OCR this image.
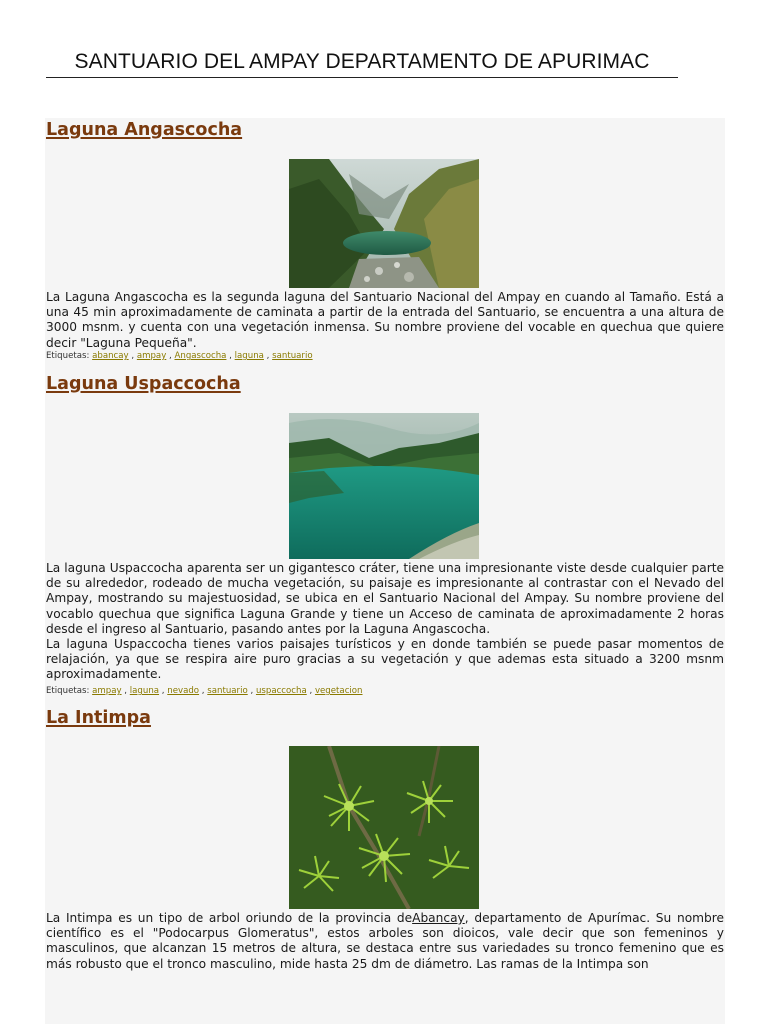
SANTUARIO DEL AMPAY DEPARTAMENTO DE APURIMAC
Laguna Angascocha

La Laguna Angascocha es la segunda laguna del Santuario Nacional del Ampay en cuando al Tamaño. Está a una 45 min aproximadamente de caminata a partir de la entrada del Santuario, se encuentra a una altura de 3000 msnm. y cuenta con una vegetación inmensa. Su nombre proviene del vocable en quechua que quiere decir "Laguna Pequeña".

Etiquetas: abancay , ampay , Angascocha , laguna , santuario
Laguna Uspaccocha

La laguna Uspaccocha aparenta ser un gigantesco cráter, tiene una impresionante viste desde cualquier parte de su alrededor, rodeado de mucha vegetación, su paisaje es impresionante al contrastar con el Nevado del Ampay, mostrando su majestuosidad, se ubica en el Santuario Nacional del Ampay. Su nombre proviene del vocablo quechua que significa Laguna Grande y tiene un Acceso de caminata de aproximadamente 2 horas desde el ingreso al Santuario, pasando antes por la Laguna Angascocha.

La laguna Uspaccocha tienes varios paisajes turísticos y en donde también se puede pasar momentos de relajación, ya que se respira aire puro gracias a su vegetación y que ademas esta situado a 3200 msnm aproximadamente.

Etiquetas: ampay , laguna , nevado , santuario , uspaccocha , vegetacion
La Intimpa

La Intimpa es un tipo de arbol oriundo de la provincia deAbancay, departamento de Apurímac. Su nombre científico es el "Podocarpus Glomeratus", estos arboles son dioicos, vale decir que son femeninos y masculinos, que alcanzan 15 metros de altura, se destaca entre sus variedades su tronco femenino que es más robusto que el tronco masculino, mide hasta 25 dm de diámetro. Las ramas de la Intimpa son
